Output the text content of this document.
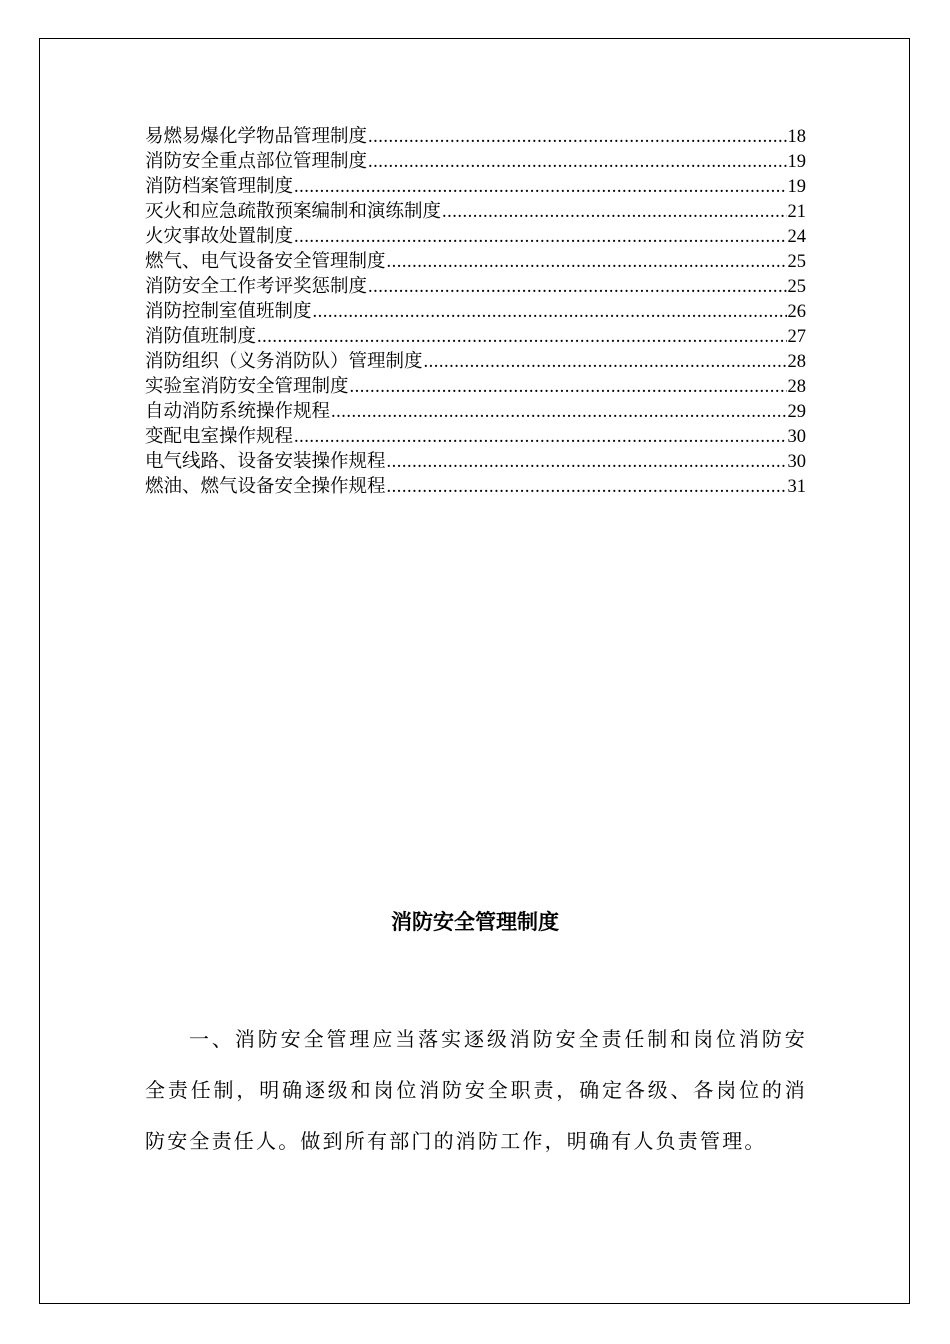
易燃易爆化学物品管理制度 .....	18
消防安全重点部位管理制度 .....	19
消防档案管理制度 .....	19
灭火和应急疏散预案编制和演练制度 .....	21
火灾事故处置制度 .....	24
燃气、电气设备安全管理制度 .....	25
消防安全工作考评奖惩制度 .....	25
消防控制室值班制度 .....	26
消防值班制度 .....	27
消防组织（义务消防队）管理制度 .....	28
实验室消防安全管理制度 .....	28
自动消防系统操作规程 .....	29
变配电室操作规程 .....	30
电气线路、设备安装操作规程 .....	30
燃油、燃气设备安全操作规程 .....	31
消防安全管理制度

一、消防安全管理应当落实逐级消防安全责任制和岗位消防安全责任制，明确逐级和岗位消防安全职责，确定各级、各岗位的消防安全责任人。做到所有部门的消防工作，明确有人负责管理。
